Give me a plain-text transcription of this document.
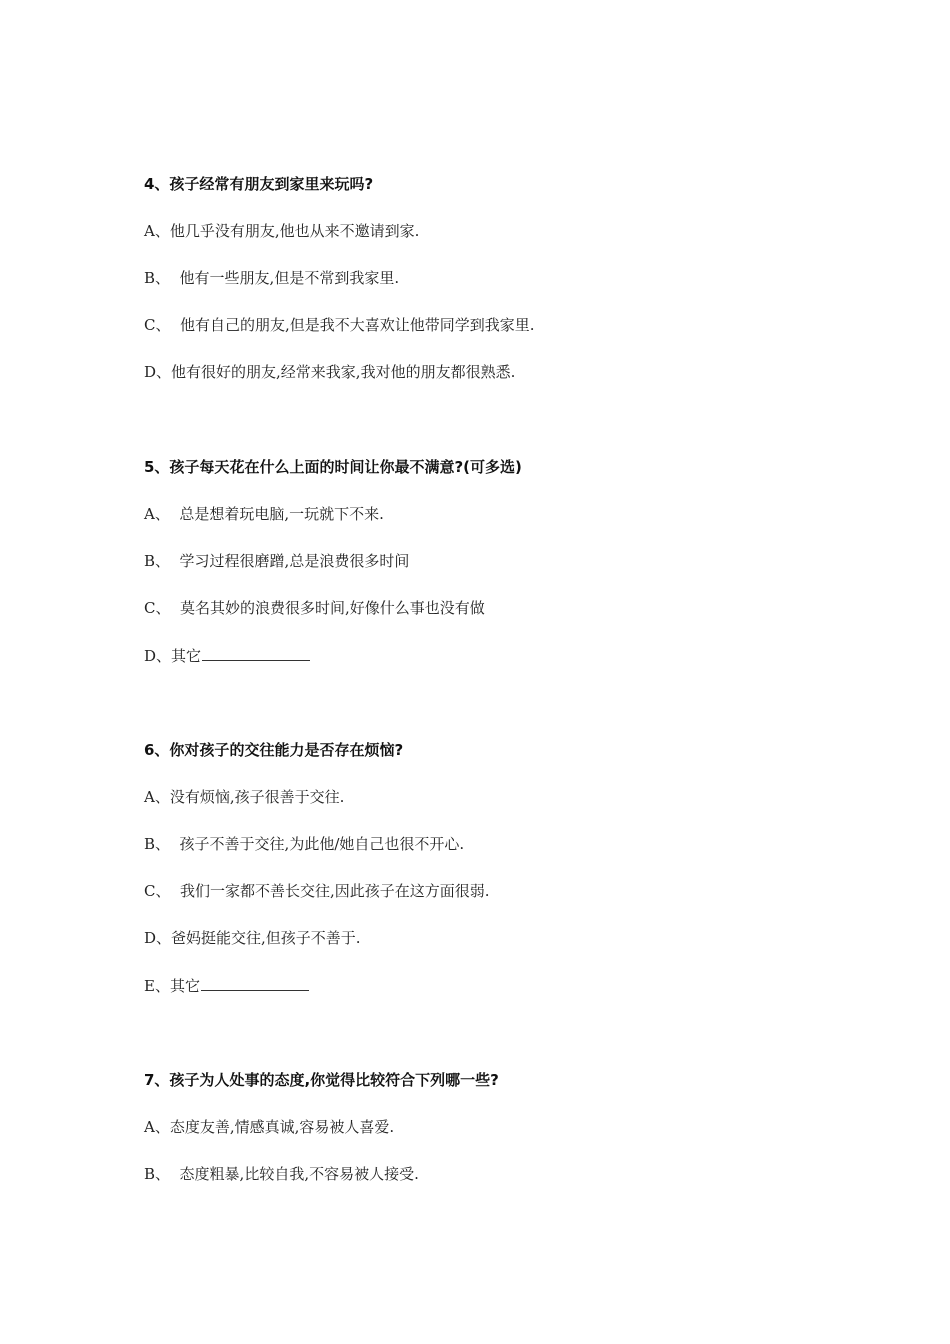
4、孩子经常有朋友到家里来玩吗?
A、他几乎没有朋友,他也从来不邀请到家.
B、  他有一些朋友,但是不常到我家里.
C、  他有自己的朋友,但是我不大喜欢让他带同学到我家里.
D、他有很好的朋友,经常来我家,我对他的朋友都很熟悉.
5、孩子每天花在什么上面的时间让你最不满意?(可多选)
A、  总是想着玩电脑,一玩就下不来.
B、  学习过程很磨蹭,总是浪费很多时间
C、  莫名其妙的浪费很多时间,好像什么事也没有做
D、其它
6、你对孩子的交往能力是否存在烦恼?
A、没有烦恼,孩子很善于交往.
B、  孩子不善于交往,为此他/她自己也很不开心.
C、  我们一家都不善长交往,因此孩子在这方面很弱.
D、爸妈挺能交往,但孩子不善于.
E、其它
7、孩子为人处事的态度,你觉得比较符合下列哪一些?
A、态度友善,情感真诚,容易被人喜爱.
B、  态度粗暴,比较自我,不容易被人接受.
